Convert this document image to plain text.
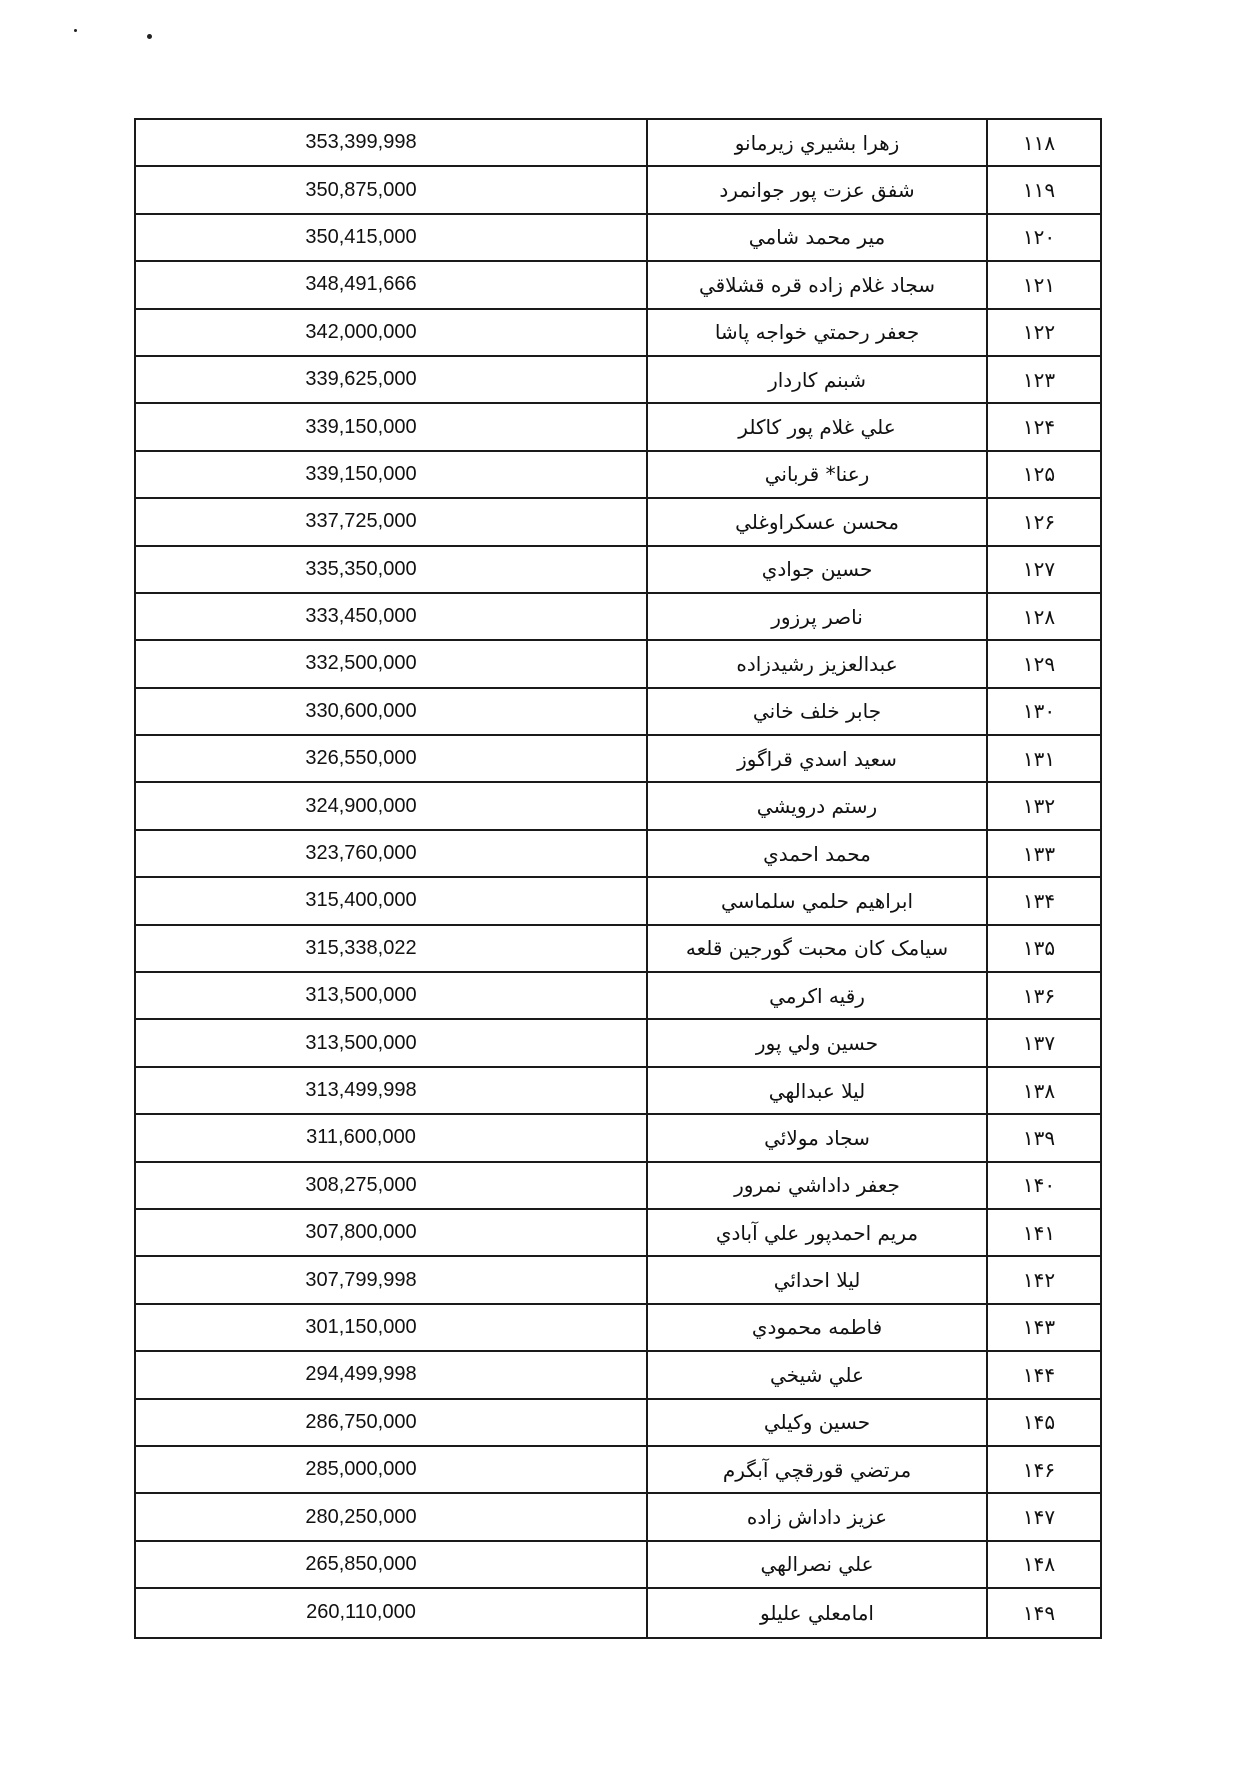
353,399,998	زهرا بشیري زیرمانو	۱۱۸
350,875,000	شفق عزت پور جوانمرد	۱۱۹
350,415,000	میر محمد شامي	۱۲۰
348,491,666	سجاد غلام زاده قره قشلاقي	۱۲۱
342,000,000	جعفر رحمتي خواجه پاشا	۱۲۲
339,625,000	شبنم کاردار	۱۲۳
339,150,000	علي غلام پور کاکلر	۱۲۴
339,150,000	رعنا* قرباني	۱۲۵
337,725,000	محسن عسکراوغلي	۱۲۶
335,350,000	حسین جوادي	۱۲۷
333,450,000	ناصر پرزور	۱۲۸
332,500,000	عبدالعزیز رشیدزاده	۱۲۹
330,600,000	جابر خلف خاني	۱۳۰
326,550,000	سعید اسدي قراگوز	۱۳۱
324,900,000	رستم درویشي	۱۳۲
323,760,000	محمد احمدي	۱۳۳
315,400,000	ابراهیم حلمي سلماسي	۱۳۴
315,338,022	سیامک کان محبت گورجین قلعه	۱۳۵
313,500,000	رقیه اکرمي	۱۳۶
313,500,000	حسین ولي پور	۱۳۷
313,499,998	لیلا عبدالهي	۱۳۸
311,600,000	سجاد مولائي	۱۳۹
308,275,000	جعفر داداشي نمرور	۱۴۰
307,800,000	مریم احمدپور علي آبادي	۱۴۱
307,799,998	لیلا احدائي	۱۴۲
301,150,000	فاطمه محمودي	۱۴۳
294,499,998	علي شیخي	۱۴۴
286,750,000	حسین وکیلي	۱۴۵
285,000,000	مرتضي قورقچي آبگرم	۱۴۶
280,250,000	عزیز داداش زاده	۱۴۷
265,850,000	علي نصرالهي	۱۴۸
260,110,000	امامعلي علیلو	۱۴۹
